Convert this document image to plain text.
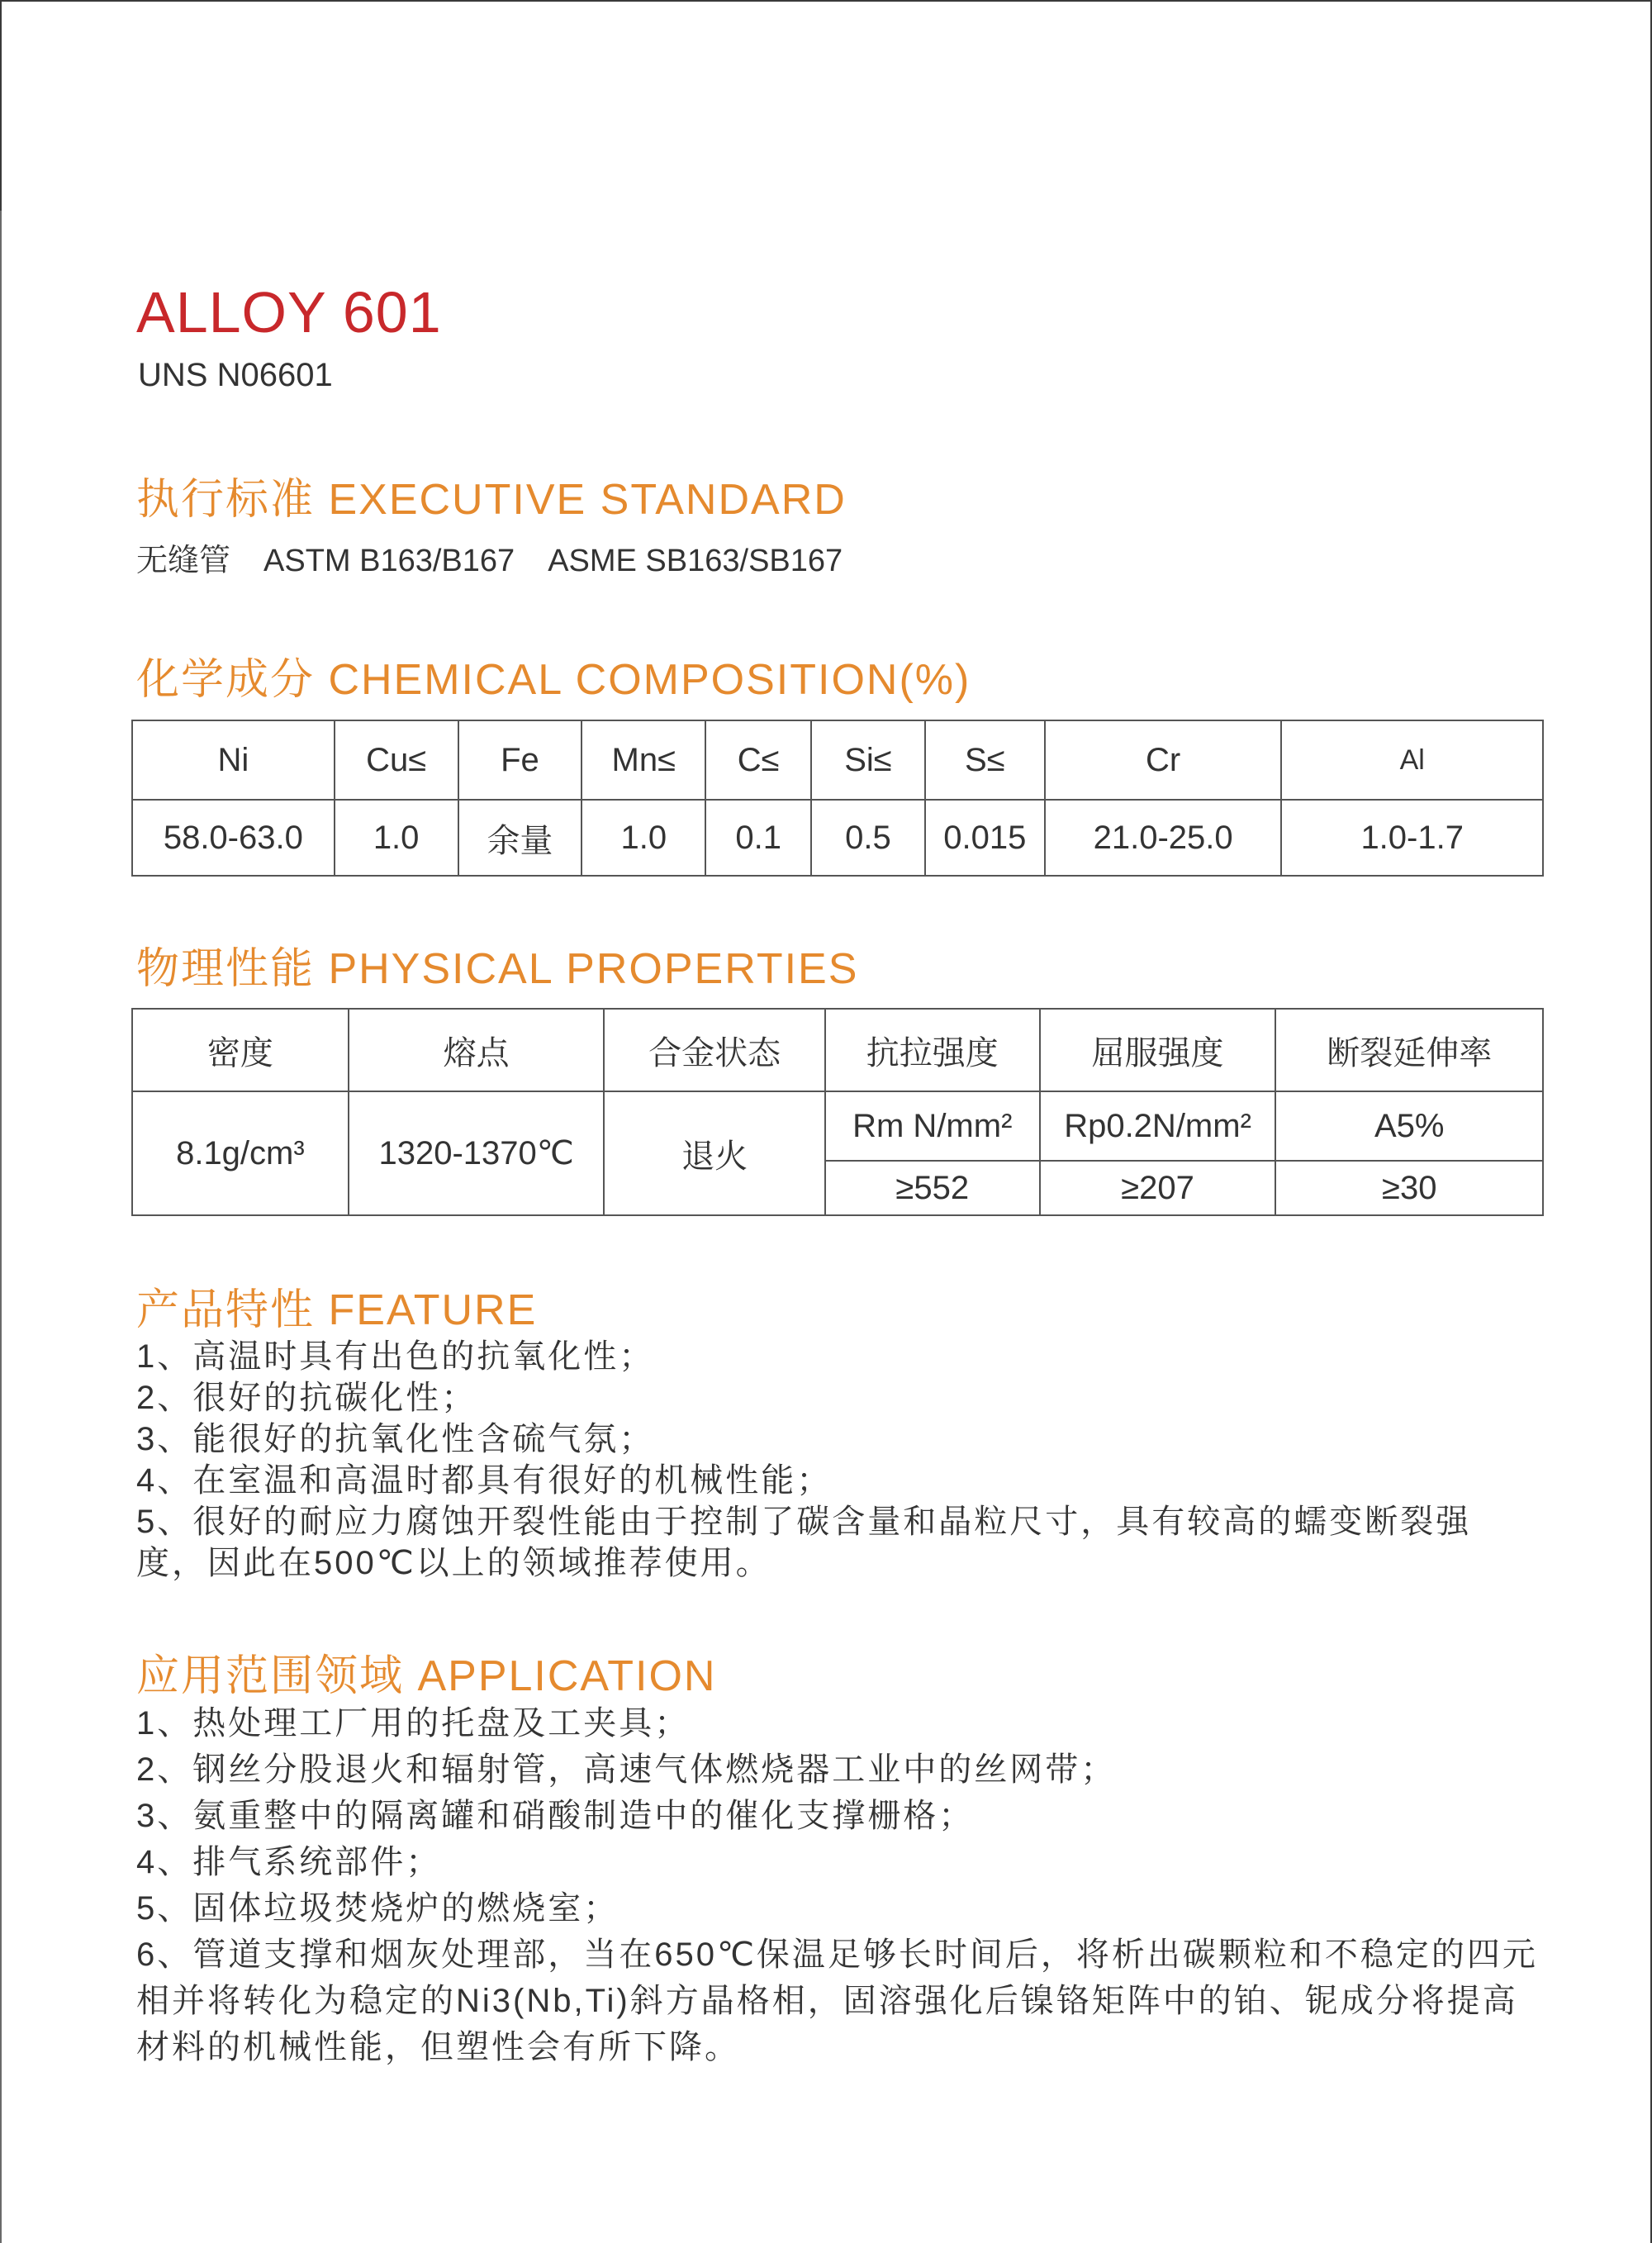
ALLOY 601
UNS N06601
执行标准 EXECUTIVE STANDARD
无缝管 ASTM B163/B167 ASME SB163/SB167
化学成分 CHEMICAL COMPOSITION(%)
Ni	Cu≤	Fe	Mn≤	C≤	Si≤	S≤	Cr	Al
58.0-63.0	1.0	余量	1.0	0.1	0.5	0.015	21.0-25.0	1.0-1.7
物理性能 PHYSICAL PROPERTIES
密度	熔点	合金状态	抗拉强度	屈服强度	断裂延伸率
8.1g/cm³	1320-1370℃	退火	Rm N/mm²	Rp0.2N/mm²	A5%
			≥552	≥207	≥30
产品特性 FEATURE

1、高温时具有出色的抗氧化性；

2、很好的抗碳化性；

3、能很好的抗氧化性含硫气氛；

4、在室温和高温时都具有很好的机械性能；

5、很好的耐应力腐蚀开裂性能由于控制了碳含量和晶粒尺寸，具有较高的蠕变断裂强度，因此在500℃以上的领域推荐使用。

应用范围领域 APPLICATION

1、热处理工厂用的托盘及工夹具；

2、钢丝分股退火和辐射管，高速气体燃烧器工业中的丝网带；

3、氨重整中的隔离罐和硝酸制造中的催化支撑栅格；

4、排气系统部件；

5、固体垃圾焚烧炉的燃烧室；

6、管道支撑和烟灰处理部，当在650℃保温足够长时间后，将析出碳颗粒和不稳定的四元相并将转化为稳定的Ni3(Nb,Ti)斜方晶格相，固溶强化后镍铬矩阵中的铂、铌成分将提高材料的机械性能，但塑性会有所下降。
